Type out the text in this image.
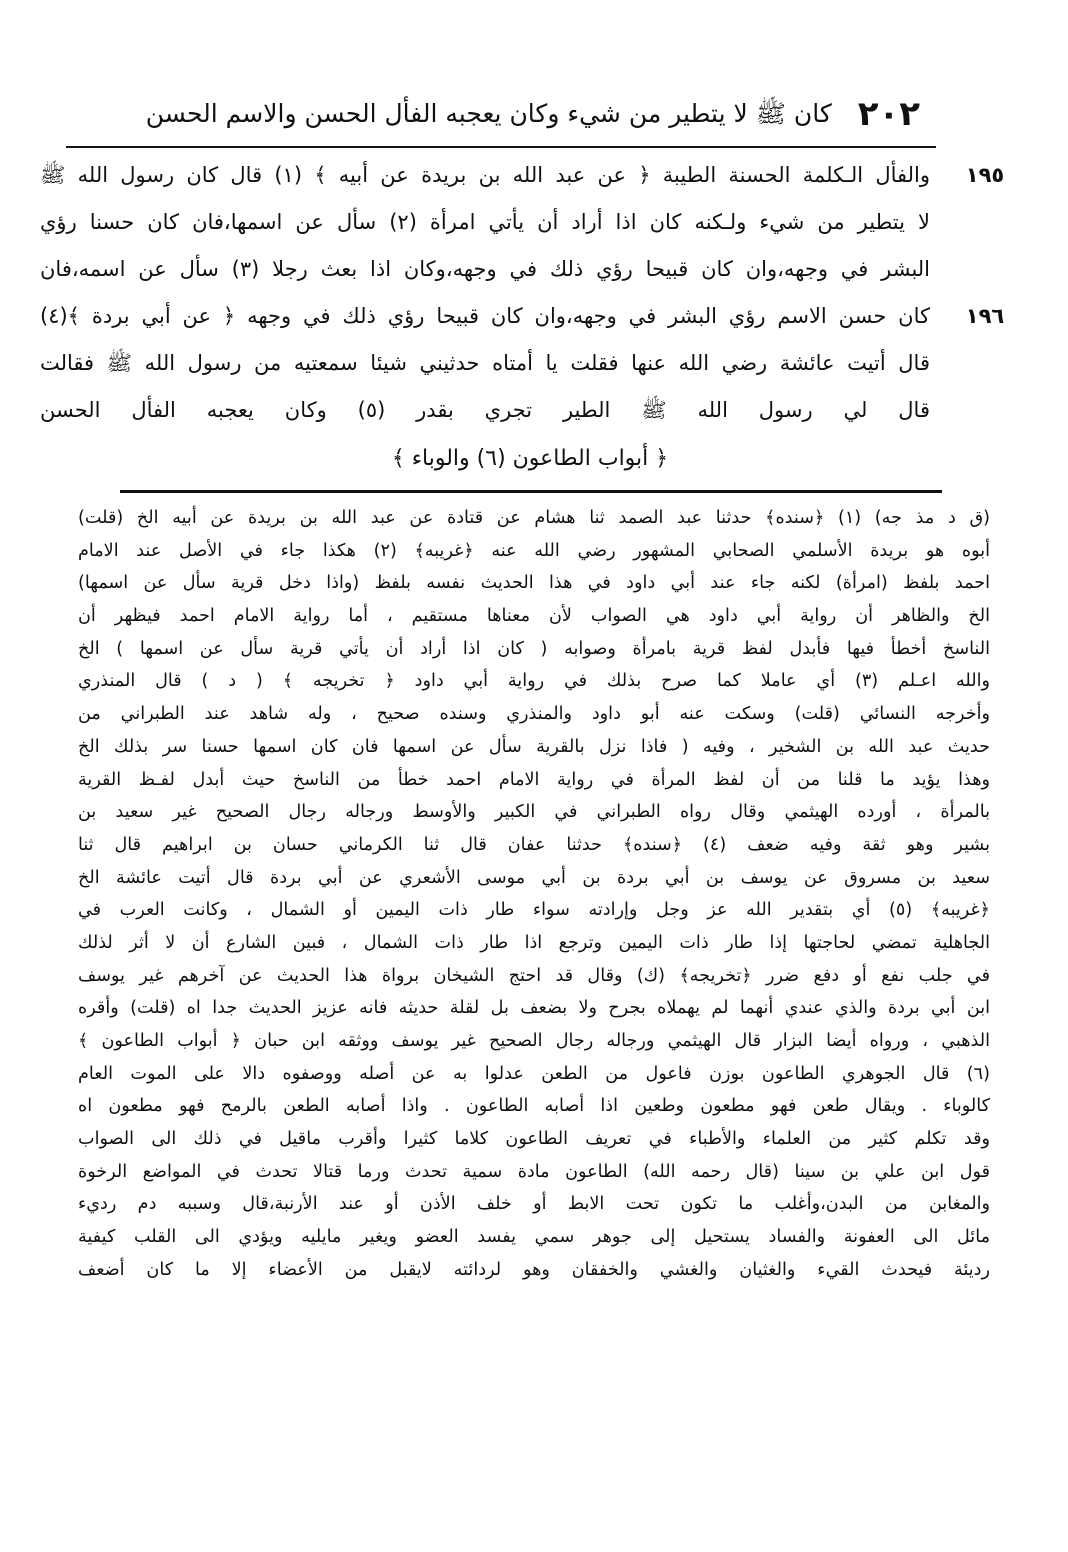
٢٠٢
كان ﷺ لا يتطير من شيء وكان يعجبه الفأل الحسن والاسم الحسن
١٩٥
والفأل الـكلمة الحسنة الطيبة ﴿ عن عبد الله بن بريدة عن أبيه ﴾ (١) قال كان رسول الله ﷺ
لا يتطير من شيء ولـكنه كان اذا أراد أن يأتي امرأة (٢) سأل عن اسمها،فان كان حسنا رؤي
البشر في وجهه،وان كان قبيحا رؤي ذلك في وجهه،وكان اذا بعث رجلا (٣) سأل عن اسمه،فان
١٩٦
كان حسن الاسم رؤي البشر في وجهه،وان كان قبيحا رؤي ذلك في وجهه ﴿ عن أبي بردة ﴾(٤)
قال أتيت عائشة رضي الله عنها فقلت يا أمتاه حدثيني شيئا سمعتيه من رسول الله ﷺ فقالت
قال لي رسول الله ﷺ الطير تجري بقدر (٥) وكان يعجبه الفأل الحسن
﴿ أبواب الطاعون (٦) والوباء ﴾
(ق د مذ جه) (١) ﴿سنده﴾ حدثنا عبد الصمد ثنا هشام عن قتادة عن عبد الله بن بريدة عن أبيه الخ (قلت)
أبوه هو بريدة الأسلمي الصحابي المشهور رضي الله عنه ﴿غريبه﴾ (٢) هكذا جاء في الأصل عند الامام
احمد بلفظ (امرأة) لكنه جاء عند أبي داود في هذا الحديث نفسه بلفظ (واذا دخل قرية سأل عن اسمها)
الخ والظاهر أن رواية أبي داود هي الصواب لأن معناها مستقيم ، أما رواية الامام احمد فيظهر أن
الناسخ أخطأ فيها فأبدل لفظ قرية بامرأة وصوابه ( كان اذا أراد أن يأتي قرية سأل عن اسمها ) الخ
والله اعـلم (٣) أي عاملا كما صرح بذلك في رواية أبي داود ﴿ تخريجه ﴾ ( د ) قال المنذري
وأخرجه النسائي (قلت) وسكت عنه أبو داود والمنذري وسنده صحيح ، وله شاهد عند الطبراني من
حديث عبد الله بن الشخير ، وفيه ( فاذا نزل بالقرية سأل عن اسمها فان كان اسمها حسنا سر بذلك الخ
وهذا يؤيد ما قلنا من أن لفظ المرأة في رواية الامام احمد خطأ من الناسخ حيث أبدل لفـظ القرية
بالمرأة ، أورده الهيثمي وقال رواه الطبراني في الكبير والأوسط ورجاله رجال الصحيح غير سعيد بن
بشير وهو ثقة وفيه ضعف (٤) ﴿سنده﴾ حدثنا عفان قال ثنا الكرماني حسان بن ابراهيم قال ثنا
سعيد بن مسروق عن يوسف بن أبي بردة بن أبي موسى الأشعري عن أبي بردة قال أتيت عائشة الخ
﴿غريبه﴾ (٥) أي بتقدير الله عز وجل وإرادته سواء طار ذات اليمين أو الشمال ، وكانت العرب في
الجاهلية تمضي لحاجتها إذا طار ذات اليمين وترجع اذا طار ذات الشمال ، فبين الشارع أن لا أثر لذلك
في جلب نفع أو دفع ضرر ﴿تخريجه﴾ (ك) وقال قد احتج الشيخان برواة هذا الحديث عن آخرهم غير يوسف
ابن أبي بردة والذي عندي أنهما لم يهملاه بجرح ولا بضعف بل لقلة حديثه فانه عزيز الحديث جدا اه (قلت) وأقره
الذهبي ، ورواه أيضا البزار قال الهيثمي ورجاله رجال الصحيح غير يوسف ووثقه ابن حبان ﴿ أبواب الطاعون ﴾
(٦) قال الجوهري الطاعون بوزن فاعول من الطعن عدلوا به عن أصله ووصفوه دالا على الموت العام
كالوباء . ويقال طعن فهو مطعون وطعين اذا أصابه الطاعون . واذا أصابه الطعن بالرمح فهو مطعون اه
وقد تكلم كثير من العلماء والأطباء في تعريف الطاعون كلاما كثيرا وأقرب ماقيل في ذلك الى الصواب
قول ابن علي بن سينا (قال رحمه الله) الطاعون مادة سمية تحدث ورما قتالا تحدث في المواضع الرخوة
والمغابن من البدن،وأغلب ما تكون تحت الابط أو خلف الأذن أو عند الأرنبة،قال وسببه دم رديء
مائل الى العفونة والفساد يستحيل إلى جوهر سمي يفسد العضو ويغير مايليه ويؤدي الى القلب كيفية
رديئة فيحدث القيء والغثيان والغشي والخفقان وهو لردائته لايقبل من الأعضاء إلا ما كان أضعف
